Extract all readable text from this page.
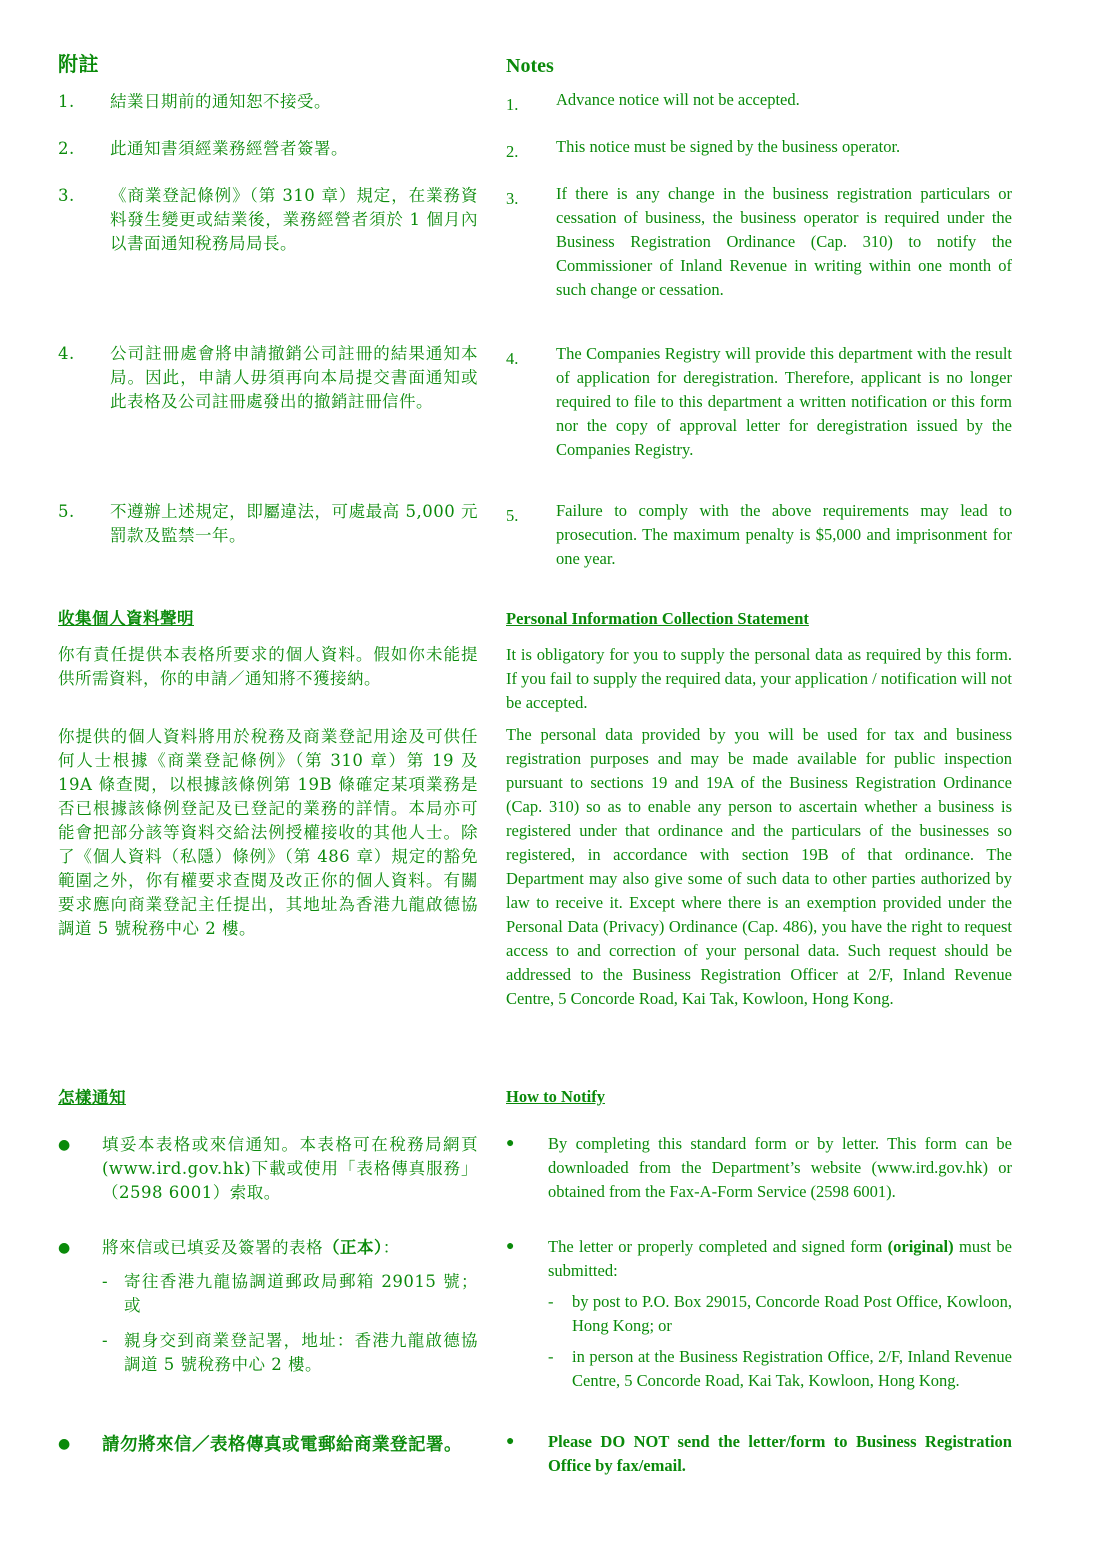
附註
1. 結業日期前的通知恕不接受。

2. 此通知書須經業務經營者簽署。

3. 《商業登記條例》（第 310 章）規定，在業務資料發生變更或結業後，業務經營者須於 1 個月內以書面通知稅務局局長。

4. 公司註冊處會將申請撤銷公司註冊的結果通知本局。因此，申請人毋須再向本局提交書面通知或此表格及公司註冊處發出的撤銷註冊信件。

5. 不遵辦上述規定，即屬違法，可處最高 5,000 元罰款及監禁一年。

收集個人資料聲明

你有責任提供本表格所要求的個人資料。假如你未能提供所需資料，你的申請／通知將不獲接納。

你提供的個人資料將用於稅務及商業登記用途及可供任何人士根據《商業登記條例》（第 310 章）第 19 及 19A 條查閱，以根據該條例第 19B 條確定某項業務是否已根據該條例登記及已登記的業務的詳情。本局亦可能會把部分該等資料交給法例授權接收的其他人士。除了《個人資料（私隱）條例》（第 486 章）規定的豁免範圍之外，你有權要求查閱及改正你的個人資料。有關要求應向商業登記主任提出，其地址為香港九龍啟德協調道 5 號稅務中心 2 樓。

怎樣通知
● 填妥本表格或來信通知。本表格可在稅務局網頁(www.ird.gov.hk)下載或使用「表格傳真服務」（2598 6001）索取。

● 將來信或已填妥及簽署的表格（正本）：

- 寄往香港九龍協調道郵政局郵箱 29015 號；或

- 親身交到商業登記署，地址：香港九龍啟德協調道 5 號稅務中心 2 樓。

● 請勿將來信／表格傳真或電郵給商業登記署。

Notes
1. Advance notice will not be accepted.

2. This notice must be signed by the business operator.

3. If there is any change in the business registration particulars or cessation of business, the business operator is required under the Business Registration Ordinance (Cap. 310) to notify the Commissioner of Inland Revenue in writing within one month of such change or cessation.

4. The Companies Registry will provide this department with the result of application for deregistration. Therefore, applicant is no longer required to file to this department a written notification or this form nor the copy of approval letter for deregistration issued by the Companies Registry.

5. Failure to comply with the above requirements may lead to prosecution. The maximum penalty is $5,000 and imprisonment for one year.

Personal Information Collection Statement

It is obligatory for you to supply the personal data as required by this form. If you fail to supply the required data, your application / notification will not be accepted.

The personal data provided by you will be used for tax and business registration purposes and may be made available for public inspection pursuant to sections 19 and 19A of the Business Registration Ordinance (Cap. 310) so as to enable any person to ascertain whether a business is registered under that ordinance and the particulars of the businesses so registered, in accordance with section 19B of that ordinance. The Department may also give some of such data to other parties authorized by law to receive it. Except where there is an exemption provided under the Personal Data (Privacy) Ordinance (Cap. 486), you have the right to request access to and correction of your personal data. Such request should be addressed to the Business Registration Officer at 2/F, Inland Revenue Centre, 5 Concorde Road, Kai Tak, Kowloon, Hong Kong.

How to Notify
● By completing this standard form or by letter. This form can be downloaded from the Department’s website (www.ird.gov.hk) or obtained from the Fax-A-Form Service (2598 6001).

● The letter or properly completed and signed form (original) must be submitted:

- by post to P.O. Box 29015, Concorde Road Post Office, Kowloon, Hong Kong; or

- in person at the Business Registration Office, 2/F, Inland Revenue Centre, 5 Concorde Road, Kai Tak, Kowloon, Hong Kong.

● Please DO NOT send the letter/form to Business Registration Office by fax/email.
